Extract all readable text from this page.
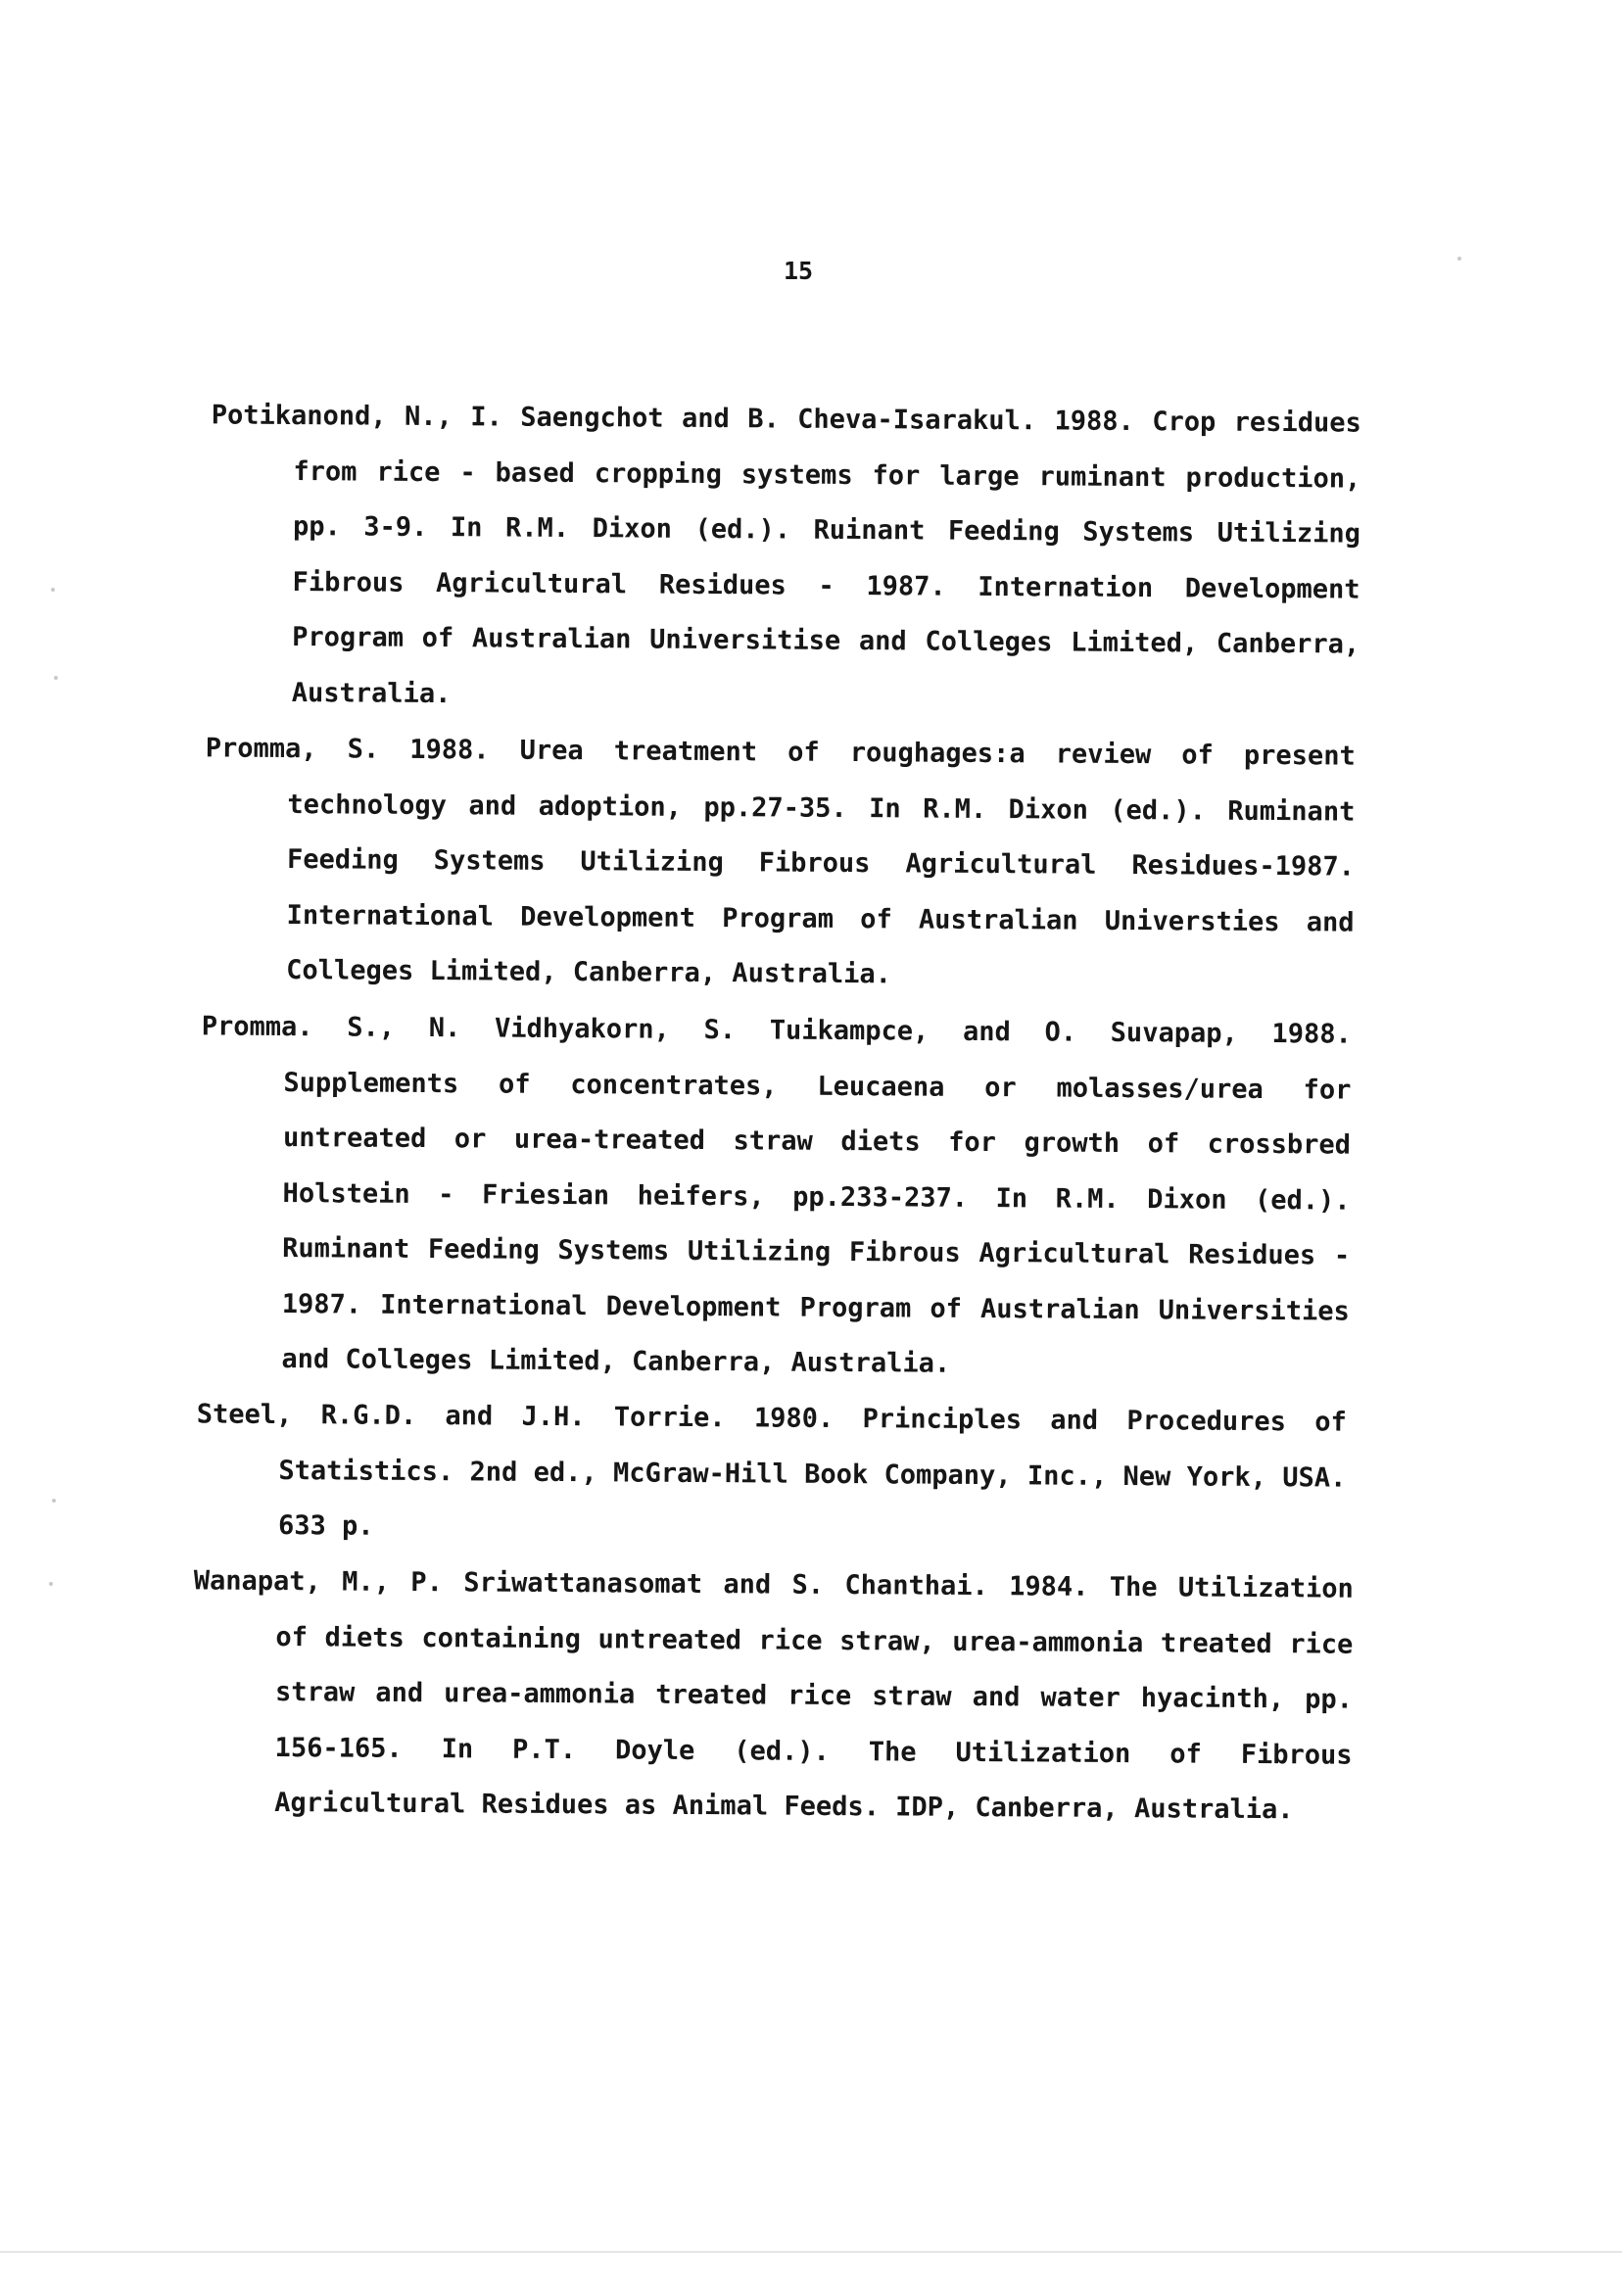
15

Potikanond, N., I. Saengchot and B. Cheva-Isarakul. 1988. Crop residues from rice - based cropping systems for large ruminant production, pp. 3-9. In R.M. Dixon (ed.). Ruinant Feeding Systems Utilizing Fibrous Agricultural Residues - 1987. Internation Development Program of Australian Universitise and Colleges Limited, Canberra, Australia.

Promma, S. 1988. Urea treatment of roughages:a review of present technology and adoption, pp.27-35. In R.M. Dixon (ed.). Ruminant Feeding Systems Utilizing Fibrous Agricultural Residues-1987. International Development Program of Australian Universties and Colleges Limited, Canberra, Australia.

Promma. S., N. Vidhyakorn, S. Tuikampce, and O. Suvapap, 1988. Supplements of concentrates, Leucaena or molasses/urea for untreated or urea-treated straw diets for growth of crossbred Holstein - Friesian heifers, pp.233-237. In R.M. Dixon (ed.). Ruminant Feeding Systems Utilizing Fibrous Agricultural Residues - 1987. International Development Program of Australian Universities and Colleges Limited, Canberra, Australia.

Steel, R.G.D. and J.H. Torrie. 1980. Principles and Procedures of Statistics. 2nd ed., McGraw-Hill Book Company, Inc., New York, USA. 633 p.

Wanapat, M., P. Sriwattanasomat and S. Chanthai. 1984. The Utilization of diets containing untreated rice straw, urea-ammonia treated rice straw and urea-ammonia treated rice straw and water hyacinth, pp. 156-165. In P.T. Doyle (ed.). The Utilization of Fibrous Agricultural Residues as Animal Feeds. IDP, Canberra, Australia.
